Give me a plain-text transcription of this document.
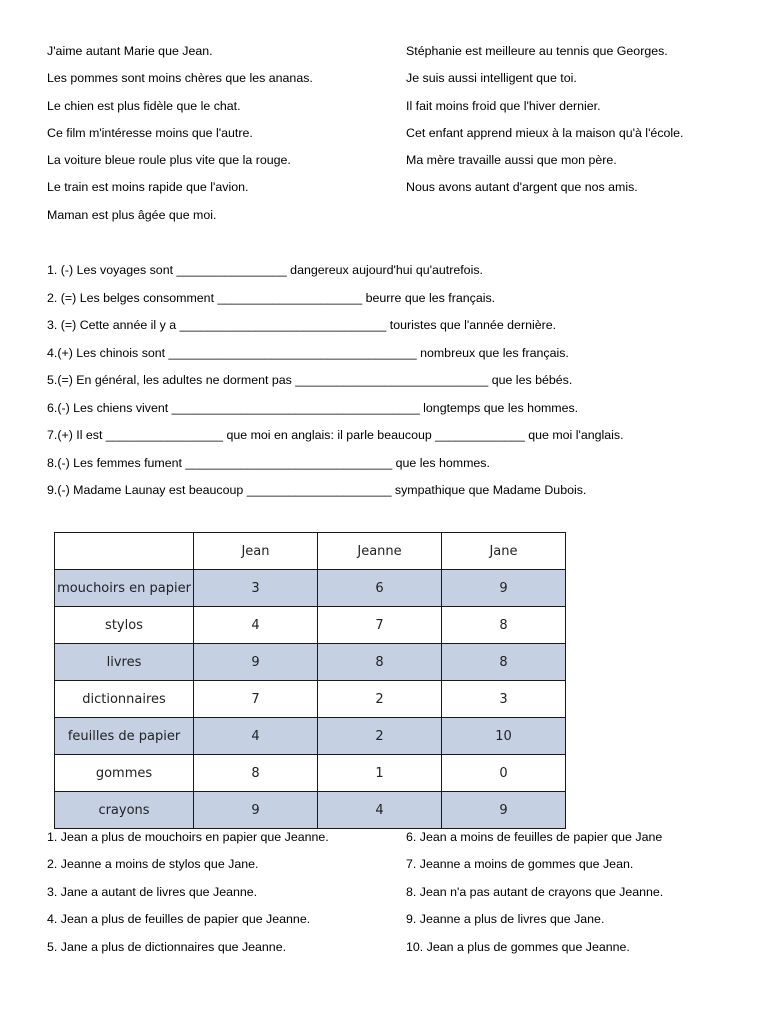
J'aime autant Marie que Jean.
Les pommes sont moins chères que les ananas.
Le chien est plus fidèle que le chat.
Ce film m'intéresse moins que l'autre.
La voiture bleue roule plus vite que la rouge.
Le train est moins rapide que l'avion.
Maman est plus âgée que moi.
Stéphanie est meilleure au tennis que Georges.
Je suis aussi intelligent que toi.
Il fait moins froid que l'hiver dernier.
Cet enfant apprend mieux à la maison qu'à l'école.
Ma mère travaille aussi que mon père.
Nous avons autant d'argent que nos amis.
1. (-) Les voyages sont ________________ dangereux aujourd'hui qu'autrefois.
2. (=) Les belges consomment _____________________ beurre que les français.
3. (=) Cette année il y a ______________________________ touristes que l'année dernière.
4.(+) Les chinois sont ____________________________________ nombreux que les français.
5.(=) En général, les adultes ne dorment pas ____________________________ que les bébés.
6.(-) Les chiens vivent ____________________________________ longtemps que les hommes.
7.(+) Il est _________________ que moi en anglais: il parle beaucoup _____________ que moi l'anglais.
8.(-) Les femmes fument ______________________________ que les hommes.
9.(-) Madame Launay est beaucoup _____________________ sympathique que Madame Dubois.
	Jean	Jeanne	Jane
mouchoirs en papier	3	6	9
stylos	4	7	8
livres	9	8	8
dictionnaires	7	2	3
feuilles de papier	4	2	10
gommes	8	1	0
crayons	9	4	9
1. Jean a plus de mouchoirs en papier que Jeanne.
2. Jeanne a moins de stylos que Jane.
3. Jane a autant de livres que Jeanne.
4. Jean a plus de feuilles de papier que Jeanne.
5. Jane a plus de dictionnaires que Jeanne.
6. Jean a moins de feuilles de papier que Jane
7. Jeanne a moins de gommes que Jean.
8. Jean n'a pas autant de crayons que Jeanne.
9. Jeanne a plus de livres que Jane.
10. Jean a plus de gommes que Jeanne.
